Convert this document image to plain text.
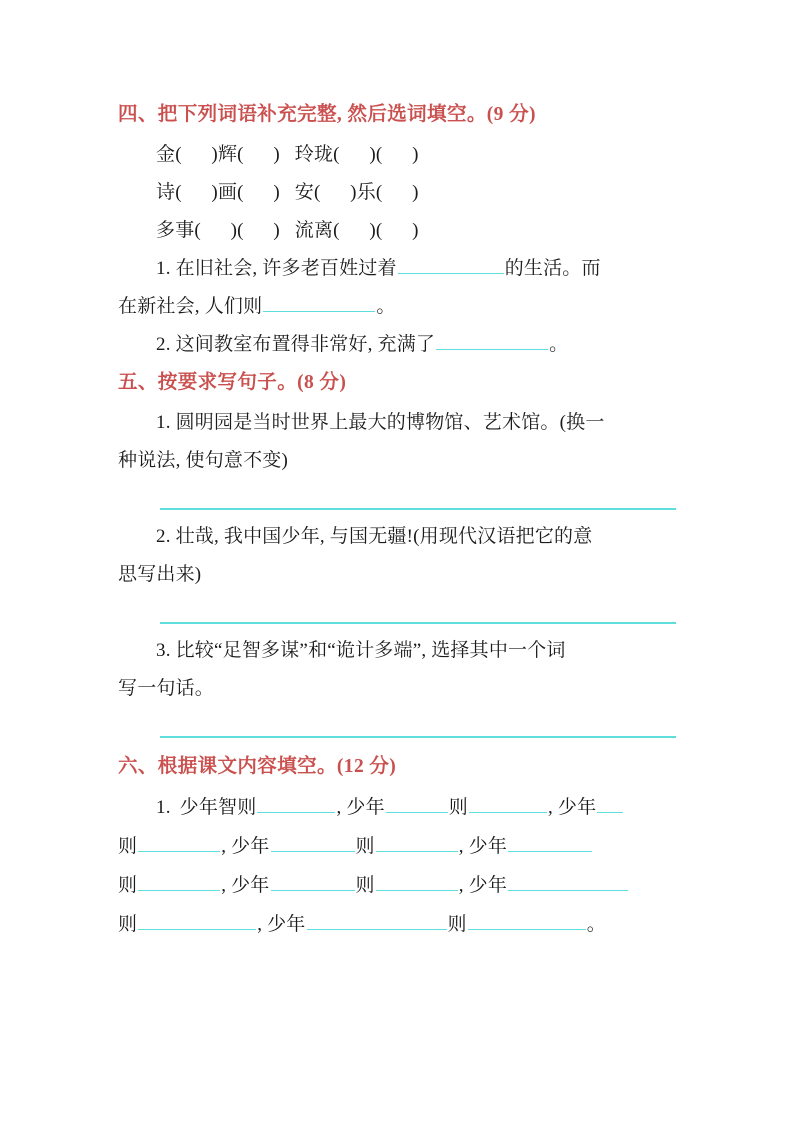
四、把下列词语补充完整, 然后选词填空。(9 分)
金(      )辉(      )   玲珑(      )(      )
诗(      )画(      )   安(      )乐(      )
多事(      )(      )   流离(      )(      )
1. 在旧社会, 许多老百姓过着	的生活。而
在新社会, 人们则	。
2. 这间教室布置得非常好, 充满了	。
五、按要求写句子。(8 分)
1. 圆明园是当时世界上最大的博物馆、艺术馆。(换一
种说法, 使句意不变)
2. 壮哉, 我中国少年, 与国无疆!(用现代汉语把它的意
思写出来)
3. 比较“足智多谋”和“诡计多端”, 选择其中一个词
写一句话。
六、根据课文内容填空。(12 分)
1. 少年智则	, 少年	则	, 少年
则	, 少年	则	, 少年
则	, 少年	则	, 少年
则	, 少年	则	。
